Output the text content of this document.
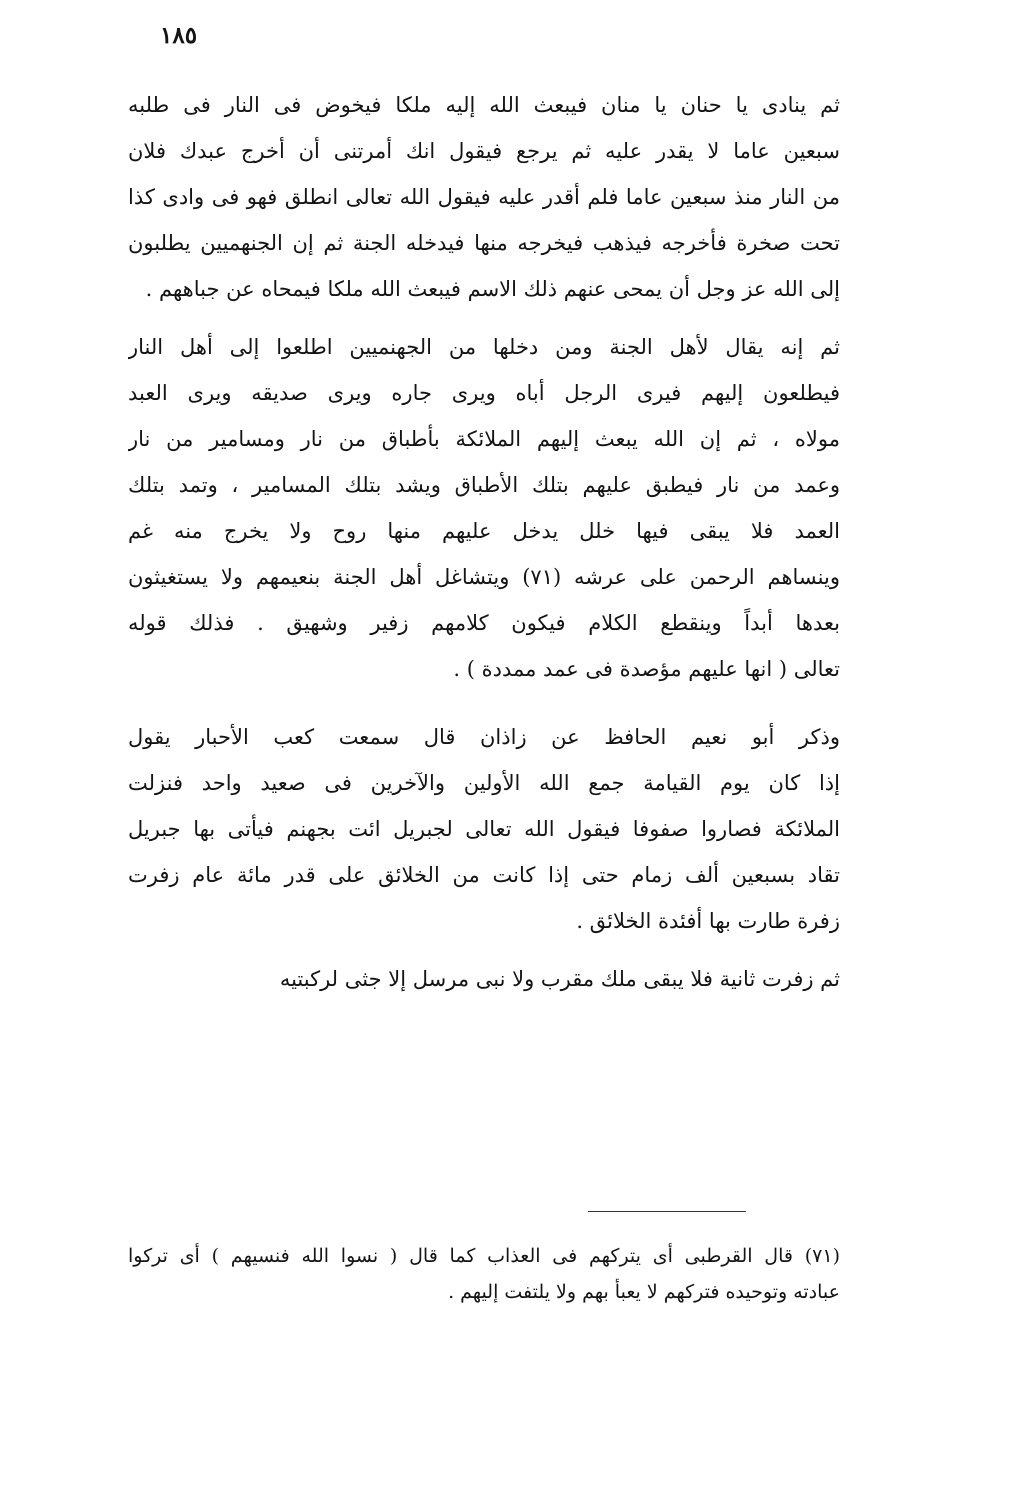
١٨٥
ثم ينادى يا حنان يا منان فيبعث الله إليه ملكا فيخوض فى النار فى طلبه
سبعين عاما لا يقدر عليه ثم يرجع فيقول انك أمرتنى أن أخرج عبدك فلان
من النار منذ سبعين عاما فلم أقدر عليه فيقول الله تعالى انطلق فهو فى وادى كذا
تحت صخرة فأخرجه فيذهب فيخرجه منها فيدخله الجنة ثم إن الجنهميين يطلبون
إلى الله عز وجل أن يمحى عنهم ذلك الاسم فيبعث الله ملكا فيمحاه عن جباههم .
ثم إنه يقال لأهل الجنة ومن دخلها من الجهنميين اطلعوا إلى أهل النار
فيطلعون إليهم فيرى الرجل أباه ويرى جاره ويرى صديقه ويرى العبد
مولاه ، ثم إن الله يبعث إليهم الملائكة بأطباق من نار ومسامير من نار
وعمد من نار فيطبق عليهم بتلك الأطباق ويشد بتلك المسامير ، وتمد بتلك
العمد فلا يبقى فيها خلل يدخل عليهم منها روح ولا يخرج منه غم
وينساهم الرحمن على عرشه (٧١) ويتشاغل أهل الجنة بنعيمهم ولا يستغيثون
بعدها أبداً وينقطع الكلام فيكون كلامهم زفير وشهيق . فذلك قوله
تعالى ( انها عليهم مؤصدة فى عمد ممددة ) .
وذكر أبو نعيم الحافظ عن زاذان قال سمعت كعب الأحبار يقول
إذا كان يوم القيامة جمع الله الأولين والآخرين فى صعيد واحد فنزلت
الملائكة فصاروا صفوفا فيقول الله تعالى لجبريل ائت بجهنم فيأتى بها جبريل
تقاد بسبعين ألف زمام حتى إذا كانت من الخلائق على قدر مائة عام زفرت
زفرة طارت بها أفئدة الخلائق .
ثم زفرت ثانية فلا يبقى ملك مقرب ولا نبى مرسل إلا جثى لركبتيه
(٧١) قال القرطبى أى يتركهم فى العذاب كما قال ( نسوا الله فنسيهم ) أى تركوا
عبادته وتوحيده فتركهم لا يعبأ بهم ولا يلتفت إليهم .
